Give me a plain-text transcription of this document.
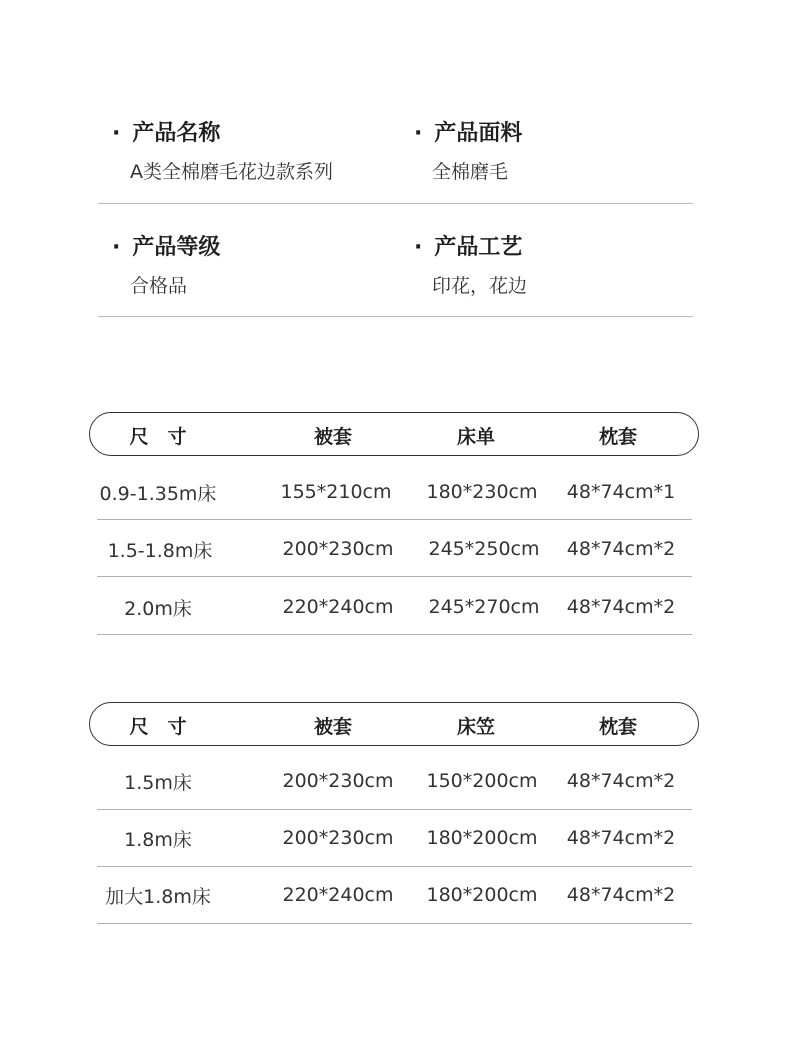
· 产品名称
A类全棉磨毛花边款系列
· 产品面料
全棉磨毛
· 产品等级
合格品
· 产品工艺
印花，花边
尺　寸	被套	床单	枕套
0.9-1.35m床	155*210cm	180*230cm	48*74cm*1
1.5-1.8m床	200*230cm	245*250cm	48*74cm*2
2.0m床	220*240cm	245*270cm	48*74cm*2
尺　寸	被套	床笠	枕套
1.5m床	200*230cm	150*200cm	48*74cm*2
1.8m床	200*230cm	180*200cm	48*74cm*2
加大1.8m床	220*240cm	180*200cm	48*74cm*2
